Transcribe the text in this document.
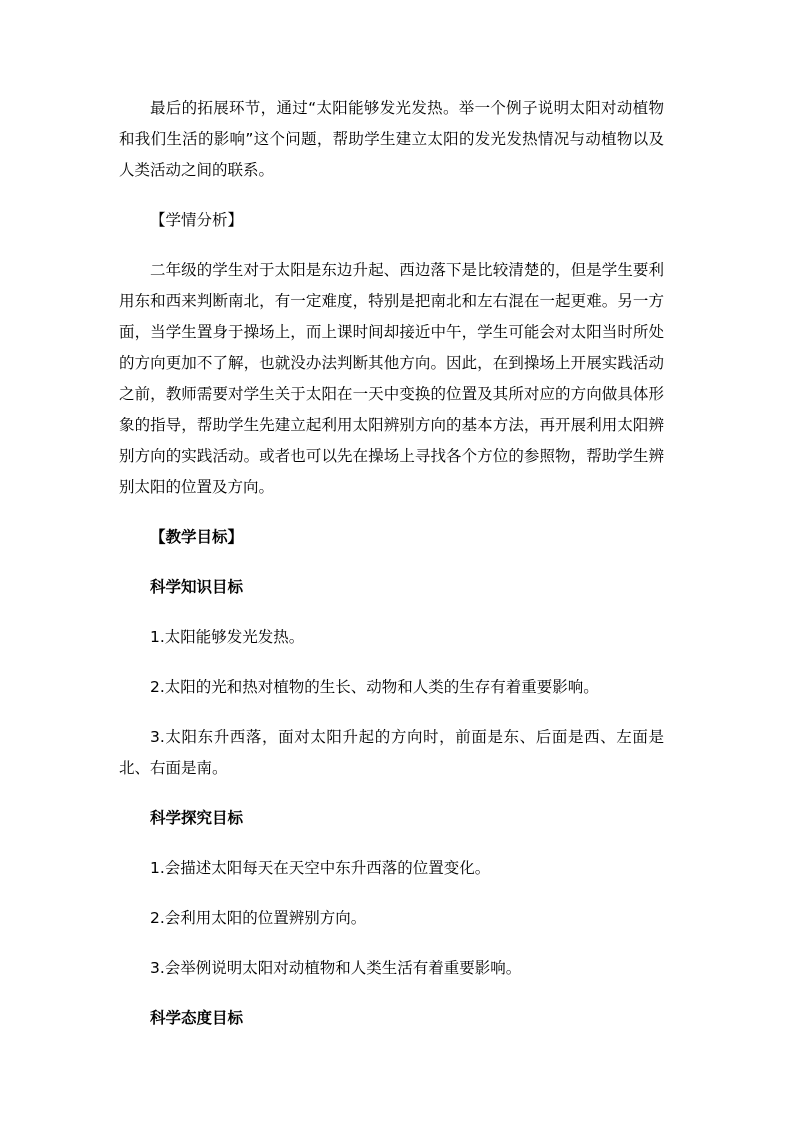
最后的拓展环节，通过“太阳能够发光发热。举一个例子说明太阳对动植物和我们生活的影响”这个问题，帮助学生建立太阳的发光发热情况与动植物以及人类活动之间的联系。

【学情分析】

二年级的学生对于太阳是东边升起、西边落下是比较清楚的，但是学生要利用东和西来判断南北，有一定难度，特别是把南北和左右混在一起更难。另一方面，当学生置身于操场上，而上课时间却接近中午，学生可能会对太阳当时所处的方向更加不了解，也就没办法判断其他方向。因此，在到操场上开展实践活动之前，教师需要对学生关于太阳在一天中变换的位置及其所对应的方向做具体形象的指导，帮助学生先建立起利用太阳辨别方向的基本方法，再开展利用太阳辨别方向的实践活动。或者也可以先在操场上寻找各个方位的参照物，帮助学生辨别太阳的位置及方向。

【教学目标】

科学知识目标

1.太阳能够发光发热。

2.太阳的光和热对植物的生长、动物和人类的生存有着重要影响。

3.太阳东升西落，面对太阳升起的方向时，前面是东、后面是西、左面是北、右面是南。

科学探究目标

1.会描述太阳每天在天空中东升西落的位置变化。

2.会利用太阳的位置辨别方向。

3.会举例说明太阳对动植物和人类生活有着重要影响。

科学态度目标
